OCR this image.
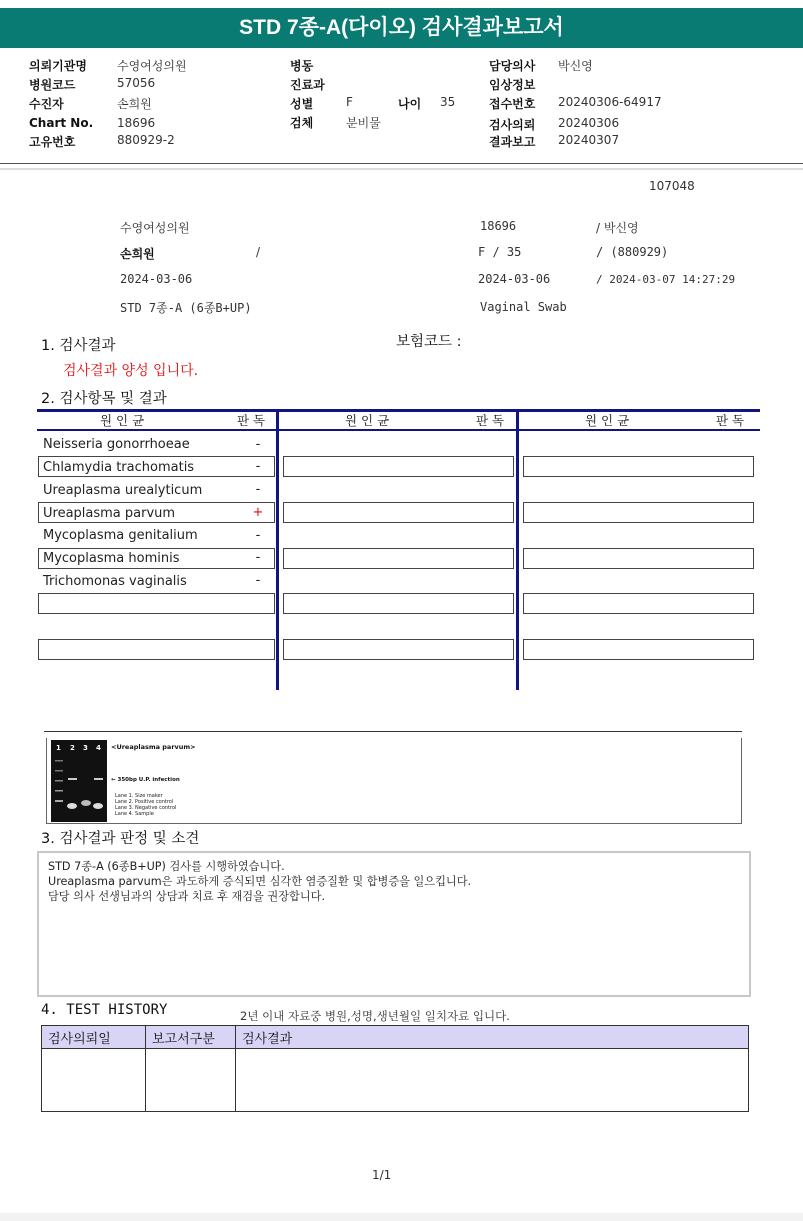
STD 7종-A(다이오) 검사결과보고서
의뢰기관명	수영여성의원
병원코드	57056
수진자	손희원
Chart No. 18696
고유번호	880929-2
병동
진료과
성별	F	나이 35
검체	분비물
담당의사 박신영
임상정보
접수번호 20240306-64917
검사의뢰 20240306
결과보고 20240307
107048
수영여성의원	18696	/ 박신영
손희원	/	F / 35	/ (880929)
2024-03-06	2024-03-06	/ 2024-03-07 14:27:29
STD 7종-A (6종B+UP)	Vaginal Swab
1. 검사결과	보험코드 :
검사결과 양성 입니다.
2. 검사항목 및 결과
원 인 균	판 독	원 인 균	판 독	원 인 균	판 독
Neisseria gonorrhoeae	-
Chlamydia trachomatis	-
Ureaplasma urealyticum	-
Ureaplasma parvum	+
Mycoplasma genitalium	-
Mycoplasma hominis	-
Trichomonas vaginalis	-
1 2 3 4 <Ureaplasma parvum>
← 350bp U.P. infection
Lane 1. Size maker
Lane 2. Positive control
Lane 3. Negative control
Lane 4. Sample
3. 검사결과 판정 및 소견

STD 7종-A (6종B+UP) 검사를 시행하였습니다.

Ureaplasma parvum은 과도하게 증식되면 심각한 염증질환 및 합병증을 일으킵니다.

담당 의사 선생님과의 상담과 치료 후 재검을 권장합니다.

4. TEST HISTORY	2년 이내 자료중 병원,성명,생년월일 일치자료 입니다.
검사의뢰일	보고서구분	검사결과

1/1
